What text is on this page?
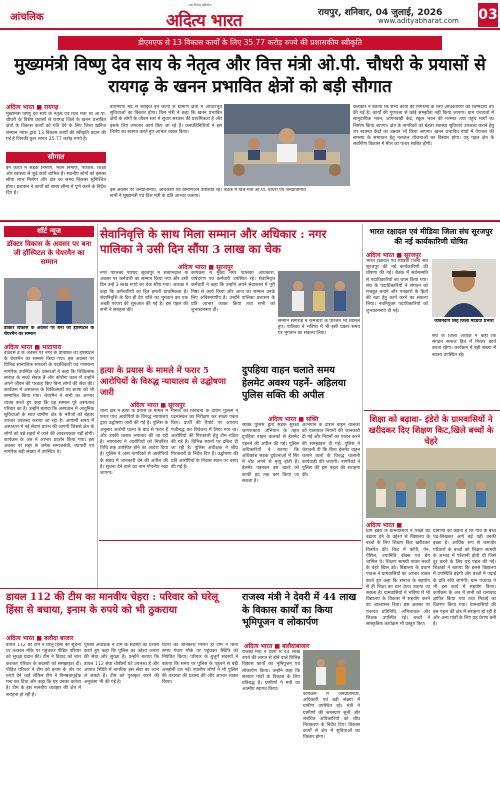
आंचलिक
...एक निष्पक्ष दृष्टिकोण
अदित्य भारत	रायपुर, शनिवार, 04 जुलाई, 2026
www.adityabharat.com 03
डीएमएफ से 13 विकास कार्यों के लिए 35.77 करोड़ रुपये की प्रशासकीय स्वीकृति
मुख्यमंत्री विष्णु देव साय के नेतृत्व और वित्त मंत्री ओ.पी. चौधरी के प्रयासों से रायगढ़ के खनन प्रभावित क्षेत्रों को बड़ी सौगात
अदित्य भारत ■ रायगढ़
मुख्यमंत्री विष्णु देव साय के नेतृत्व एवं वित्त मंत्री श्री ओ.पी. चौधरी के विशेष प्रयासों से रायगढ़ जिले के खनन प्रभावित क्षेत्रों के विकास कार्यों को गति देने के लिए जिला खनिज संस्थान न्यास द्वारा 13 विकास कार्यों की स्वीकृति प्रदान की गई है जिनकी कुल लागत 35.77 करोड़ रुपये है।
सौगात
इन कार्यों में सड़क निर्माण, भवन निर्माण, पेयजल, शिक्षा और स्वास्थ्य से जुड़े कार्य शामिल हैं। स्थानीय लोगों को इसका सीधा लाभ मिलेगा और क्षेत्र का समग्र विकास सुनिश्चित होगा। प्रशासन ने कार्यों को समय सीमा में पूर्ण करने के निर्देश दिए हैं।
डीएमएफ मद से स्वीकृत इन कार्यों से ग्रामीण क्षेत्रों में आधारभूत सुविधाओं का विस्तार होगा। वित्त मंत्री ने कहा कि खनन प्रभावित क्षेत्रों के लोगों के जीवन स्तर में सुधार सरकार की प्राथमिकता है और इसके लिए लगातार कार्य किए जा रहे हैं। जनप्रतिनिधियों ने इस निर्णय का स्वागत करते हुए आभार व्यक्त किया।
बैठक में वित्त मंत्री ओ.पी. चौधरी एवं जनप्रतिनिधि
कलेक्टर ने बताया कि सभी कार्यों की निगरानी के लिए अधिकारियों की जिम्मेदारी तय की गई है। कार्यों की गुणवत्ता से कोई समझौता नहीं किया जाएगा। ग्राम पंचायतों में सामुदायिक भवन, आंगनबाड़ी केंद्र, स्कूल भवन की मरम्मत तथा पहुंच मार्गों का निर्माण किया जाएगा। क्षेत्र के नागरिकों को बेहतर स्वास्थ्य सुविधाएं उपलब्ध कराने हेतु उप स्वास्थ्य केंद्रों का उन्नयन भी किया जाएगा। खनन प्रभावित गांवों में पेयजल की समस्या के समाधान हेतु नलजल योजनाओं का विस्तार होगा। यह पहल क्षेत्र के सर्वांगीण विकास में मील का पत्थर साबित होगी।
इस अवसर पर जनप्रतिनिधि, अधिकारी एवं ग्रामीणजन उपस्थित रहे। सभी ने मुख्यमंत्री एवं वित्त मंत्री के प्रति आभार जताया।
शॉर्ट न्यूज
डॉक्टर विकास के अवसर पर बना जी हॉस्पिटल के चेयरमैन का सम्मान
डॉक्टर विकास के अवसर पर बना जी हॉस्पिटल के चेयरमैन का सम्मान
अदित्य भारत ■ भाटापारा
डॉक्टर्स डे के अवसर पर नगर के प्रतिष्ठित जी हॉस्पिटल के चेयरमैन का सम्मान किया गया। इस अवसर पर विभिन्न सामाजिक संगठनों के पदाधिकारी एवं गणमान्य नागरिक उपस्थित रहे। वक्ताओं ने कहा कि चिकित्सक समाज के सच्चे सेवक हैं और कोरोना काल में उन्होंने अपने जीवन की परवाह किए बिना लोगों की सेवा की। कार्यक्रम में अस्पताल के चिकित्सकों एवं स्टाफ को भी सम्मानित किया गया। चेयरमैन ने सभी का आभार व्यक्त करते हुए कहा कि यह सम्मान पूरे अस्पताल परिवार का है। उन्होंने बताया कि अस्पताल में आधुनिक सुविधाओं के साथ ग्रामीण क्षेत्र के मरीजों को बेहतर उपचार उपलब्ध कराया जा रहा है। आगामी समय में अस्पताल में नई सेवाएं प्रारंभ की जाएंगी जिससे क्षेत्र के लोगों को बड़े शहरों में जाने की आवश्यकता नहीं होगी। कार्यक्रम के अंत में आभार प्रदर्शन किया गया। इस अवसर पर शहर के अनेक समाजसेवी, व्यापारी एवं नागरिक बड़ी संख्या में उपस्थित थे।
सेवानिवृत्ति के साथ मिला सम्मान और अधिकार : नगर पालिका ने उसी दिन सौंपा 3 लाख का चेक
अदित्य भारत ■ सूरजपुर
नगर पालिका परिषद सूरजपुर में सेवानिवृत्ति के अवसर पर कर्मचारी का सम्मान किया गया और उसी दिन उन्हें 3 लाख रुपये का चेक सौंपा गया। अध्यक्ष ने कहा कि कर्मचारियों का हित हमारी प्राथमिकता है। सेवानिवृत्ति के दिन ही देय राशि का भुगतान कर एक अच्छी परंपरा की शुरुआत की गई है। इस पहल की सभी ने सराहना की।
कार्यक्रम में मुख्य नगर पालिका अधिकारी, पार्षदगण एवं कर्मचारी उपस्थित रहे। सेवानिवृत्त कर्मचारी ने कहा कि उन्होंने अपने सेवाकाल में पूरी निष्ठा से कार्य किया और आज का सम्मान उनके लिए अविस्मरणीय है। उन्होंने पालिका प्रशासन के प्रति आभार व्यक्त किया तथा सभी को शुभकामनाएं दीं।
सम्मान समारोह में कर्मचारी के परिजन भी शामिल हुए। पालिका ने भविष्य में भी इसी प्रकार समय पर भुगतान का संकल्प लिया।
हत्या के प्रयास के मामले में फरार 5 आरोपियों के विरुद्ध न्यायालय से उद्घोषणा जारी
अदित्य भारत ■ सूरजपुर
थाना क्षेत्र में हत्या के प्रयास के मामले में फरार पांच आरोपियों के विरुद्ध न्यायालय द्वारा उद्घोषणा जारी की गई है। पुलिस के अनुसार आरोपी घटना के बाद से फरार हैं और उनकी तलाश लगातार की जा रही है। न्यायालय ने आरोपियों को निर्धारित तिथि तक उपस्थित होने का आदेश दिया है। पुलिस ने आम नागरिकों से आरोपियों के संबंध में जानकारी देने की अपील की है। सूचना देने वाले का नाम गोपनीय रखा जाएगा।
मामले की विवेचना के दौरान पुलिस ने घटनास्थल का निरीक्षण कर साक्ष्य एकत्र किए। प्रार्थी की रिपोर्ट पर अपराध पंजीबद्ध कर विवेचना में लिया गया था। आरोपियों की गिरफ्तारी हेतु टीम गठित की गई है। विभिन्न स्थानों पर दबिश दी जा रही है। पुलिस अधीक्षक ने शीघ्र गिरफ्तारी के निर्देश दिए हैं। उद्घोषणा की प्रति आरोपियों के निवास स्थान पर चस्पा की गई है।
दुपहिया वाहन चलाते समय हेलमेट अवश्य पहनें- अहिलया पुलिस सक्ति की अपील
अदित्य भारत ■ सक्ति
सक्ति पुलिस द्वारा सड़क सुरक्षा जागरूकता अभियान के तहत दुपहिया वाहन चालकों से हेलमेट पहनने की अपील की गई। पुलिस अधिकारियों ने बताया कि अधिकांश सड़क दुर्घटनाओं में सिर में चोट लगने से मृत्यु होती है। हेलमेट पहनकर इस खतरे को काफी हद तक कम किया जा सकता है।
अभियान के दौरान वाहन चालकों को यातायात नियमों की जानकारी दी गई और नियमों का पालन करने की समझाइश दी गई। पुलिस ने चेतावनी दी कि बिना हेलमेट वाहन चलाने वालों के विरुद्ध चालानी कार्यवाही की जाएगी। नागरिकों ने पुलिस की इस पहल की सराहना की।
डायल 112 की टीम का मानवीय चेहरा : परिवार को घरेलू हिंसा से बचाया, इनाम के रुपये को भी ठुकराया
अदित्य भारत ■ बलौदा बाजार
डायल 112 की टीम ने घरेलू हिंसा की सूचना पर तत्काल मौके पर पहुंचकर पीड़ित परिवार को सुरक्षा प्रदान की। टीम ने विवाद को शांत कराकर परिवार के सदस्यों को समझाइश दी। पीड़ित परिवार ने टीम को इनाम के तौर पर रुपये देने चाहे लेकिन टीम ने विनम्रतापूर्वक मना कर दिया और कहा कि यह उनका कर्तव्य है। टीम के इस मानवीय व्यवहार की क्षेत्र में सराहना हो रही है।
पुलिस अधीक्षक ने टीम के सदस्यों की प्रशंसा करते हुए कहा कि पुलिस का उद्देश्य जनता की सेवा और सुरक्षा है। उन्होंने बताया कि डायल 112 सेवा चौबीसों घंटे उपलब्ध है और आपात स्थिति में नागरिक इस सेवा का लाभ ले सकते हैं। टीम को पुरस्कृत करने की अनुशंसा भी की गई है।
घटना की जानकारी मिलते ही टीम ने बिना समय गंवाए मौके पर पहुंचकर स्थिति को नियंत्रित किया। परिवार के बुजुर्ग सदस्यों ने बताया कि समय पर पुलिस के पहुंचने से बड़ी अनहोनी टल गई। स्थानीय लोगों ने भी पुलिस की तत्परता की प्रशंसा की और आभार व्यक्त किया।
राजस्व मंत्री ने देवरी में 44 लाख के विकास कार्यों का किया भूमिपूजन व लोकार्पण
अदित्य भारत ■ बलौदाबाजार
राजस्व मंत्री ने देवरी में 44 लाख रुपये की लागत से होने वाले विभिन्न विकास कार्यों का भूमिपूजन एवं लोकार्पण किया। उन्होंने कहा कि सरकार गांवों के विकास के लिए प्रतिबद्ध है। ग्रामीणों ने मंत्री का आत्मीय स्वागत किया।
कार्यक्रम में जनप्रतिनिधि, अधिकारी एवं बड़ी संख्या में ग्रामीण उपस्थित रहे। मंत्री ने ग्रामीणों की समस्याएं सुनीं और संबंधित अधिकारियों को शीघ्र निराकरण के निर्देश दिए। विकास कार्यों से क्षेत्र में सुविधाओं का विस्तार होगा।
भारत रक्षादल एवं मीडिया जिला संघ सूरजपुर की नई कार्यकारिणी घोषित
अदित्य भारत ■ सूरजपुर
भारत रक्षादल एवं मीडिया जिला संघ सूरजपुर की नई कार्यकारिणी की घोषणा की गई। बैठक में सर्वसम्मति से पदाधिकारियों का चयन किया गया। संघ के पदाधिकारियों ने संगठन को मजबूत बनाने और पत्रकारों के हितों की रक्षा हेतु कार्य करने का संकल्प लिया। नवनियुक्त पदाधिकारियों को शुभकामनाएं दी गईं।
जीवनदीप सिंह जिला मीडिया प्रभारी
संघ के जिला अध्यक्ष ने कहा कि संगठन समाज हित में निरंतर कार्य करता रहेगा। कार्यक्रम में बड़ी संख्या में सदस्य उपस्थित रहे।
शिक्षा को बढ़ावा- इंडेरो के ग्रामवासियों ने खरीदकर दिए शिक्षण किट,खिले बच्चों के चेहरे
अदित्य भारत ■
ग्राम इंडेरो के ग्रामवासियों ने शिक्षा को बढ़ावा देने के उद्देश्य से विद्यालय के बच्चों के लिए शिक्षण किट खरीदकर वितरित की। किट में कॉपी, पेन, पेंसिल, ज्यामिति बॉक्स एवं बैग शामिल थे। शिक्षण सामग्री पाकर बच्चों के चेहरे खिल उठे। विद्यालय के प्रधान पाठक ने ग्रामवासियों का आभार व्यक्त करते हुए कहा कि समाज के सहयोग से ही शिक्षा का स्तर ऊंचा उठाया जा सकता है। ग्रामवासियों ने भविष्य में भी विद्यालय के विकास में सहयोग करने का आश्वासन दिया। इस अवसर पर पंचायत प्रतिनिधि, अभिभावक और शिक्षक उपस्थित रहे। बच्चों ने सांस्कृतिक कार्यक्रम भी प्रस्तुत किए।
ग्रामीणों का कहना है कि गांव के बच्चे पढ़-लिखकर आगे बढ़ें यही उनकी इच्छा है। आर्थिक रूप से कमजोर परिवारों के बच्चों को शिक्षण सामग्री के अभाव में परेशानी होती थी जिसे दूर करने के लिए यह पहल की गई। शिक्षकों ने बताया कि इससे विद्यालय में उपस्थिति बढ़ेगी और बच्चों में पढ़ाई के प्रति रुचि जागेगी। ग्राम पंचायत ने भी इस कार्य में सहयोग किया। कार्यक्रम के अंत में सभी को धन्यवाद ज्ञापित किया गया तथा मिठाई का वितरण किया गया। ग्रामवासियों की इस पहल की क्षेत्र में सराहना हो रही है और अन्य गांवों के लिए यह प्रेरणा बनी है।
